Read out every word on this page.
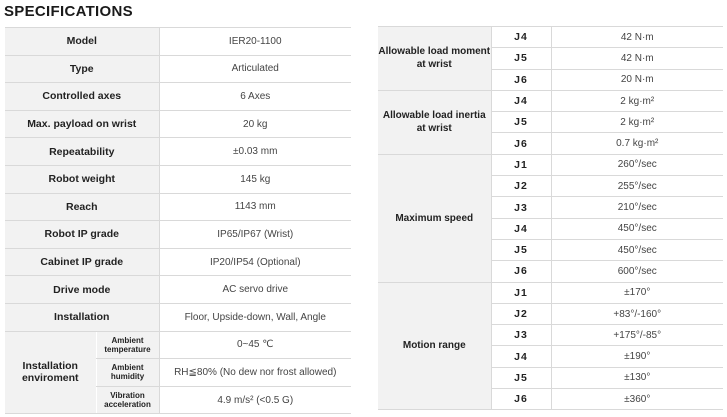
SPECIFICATIONS
Model		IER20-1100
Type		Articulated
Controlled axes		6 Axes
Max. payload on wrist		20 kg
Repeatability		±0.03 mm
Robot weight		145 kg
Reach		1143 mm
Robot IP grade		IP65/IP67 (Wrist)
Cabinet IP grade		IP20/IP54 (Optional)
Drive mode		AC servo drive
Installation		Floor, Upside-down, Wall, Angle
Installation enviroment	Ambient temperature	0~45 ℃
	Ambient humidity	RH≦80% (No dew nor frost allowed)
	Vibration acceleration	4.9 m/s² (<0.5 G)
Allowable load moment at wrist	J4	42 N·m
	J5	42 N·m
	J6	20 N·m
Allowable load inertia at wrist	J4	2 kg·m²
	J5	2 kg·m²
	J6	0.7 kg·m²
Maximum speed	J1	260°/sec
	J2	255°/sec
	J3	210°/sec
	J4	450°/sec
	J5	450°/sec
	J6	600°/sec
Motion range	J1	±170°
	J2	+83°/-160°
	J3	+175°/-85°
	J4	±190°
	J5	±130°
	J6	±360°
